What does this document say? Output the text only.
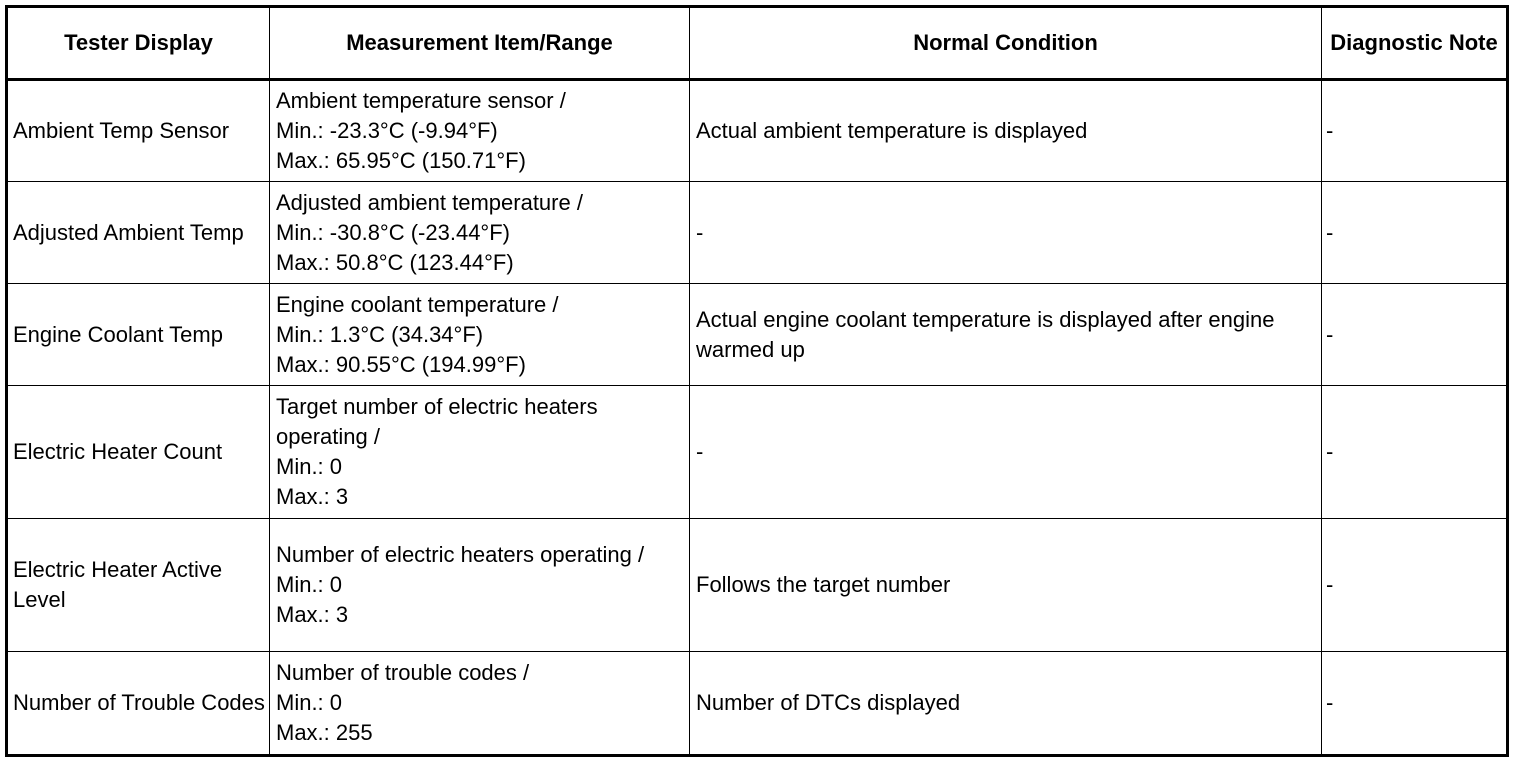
Tester Display	Measurement Item/Range	Normal Condition	Diagnostic Note
Ambient Temp Sensor	Ambient temperature sensor /
Min.: -23.3°C (-9.94°F)
Max.: 65.95°C (150.71°F)	Actual ambient temperature is displayed	-
Adjusted Ambient Temp	Adjusted ambient temperature /
Min.: -30.8°C (-23.44°F)
Max.: 50.8°C (123.44°F)	-	-
Engine Coolant Temp	Engine coolant temperature /
Min.: 1.3°C (34.34°F)
Max.: 90.55°C (194.99°F)	Actual engine coolant temperature is displayed after engine warmed up	-
Electric Heater Count	Target number of electric heaters operating /
Min.: 0
Max.: 3	-	-
Electric Heater Active Level	Number of electric heaters operating /
Min.: 0
Max.: 3	Follows the target number	-
Number of Trouble Codes	Number of trouble codes /
Min.: 0
Max.: 255	Number of DTCs displayed	-
